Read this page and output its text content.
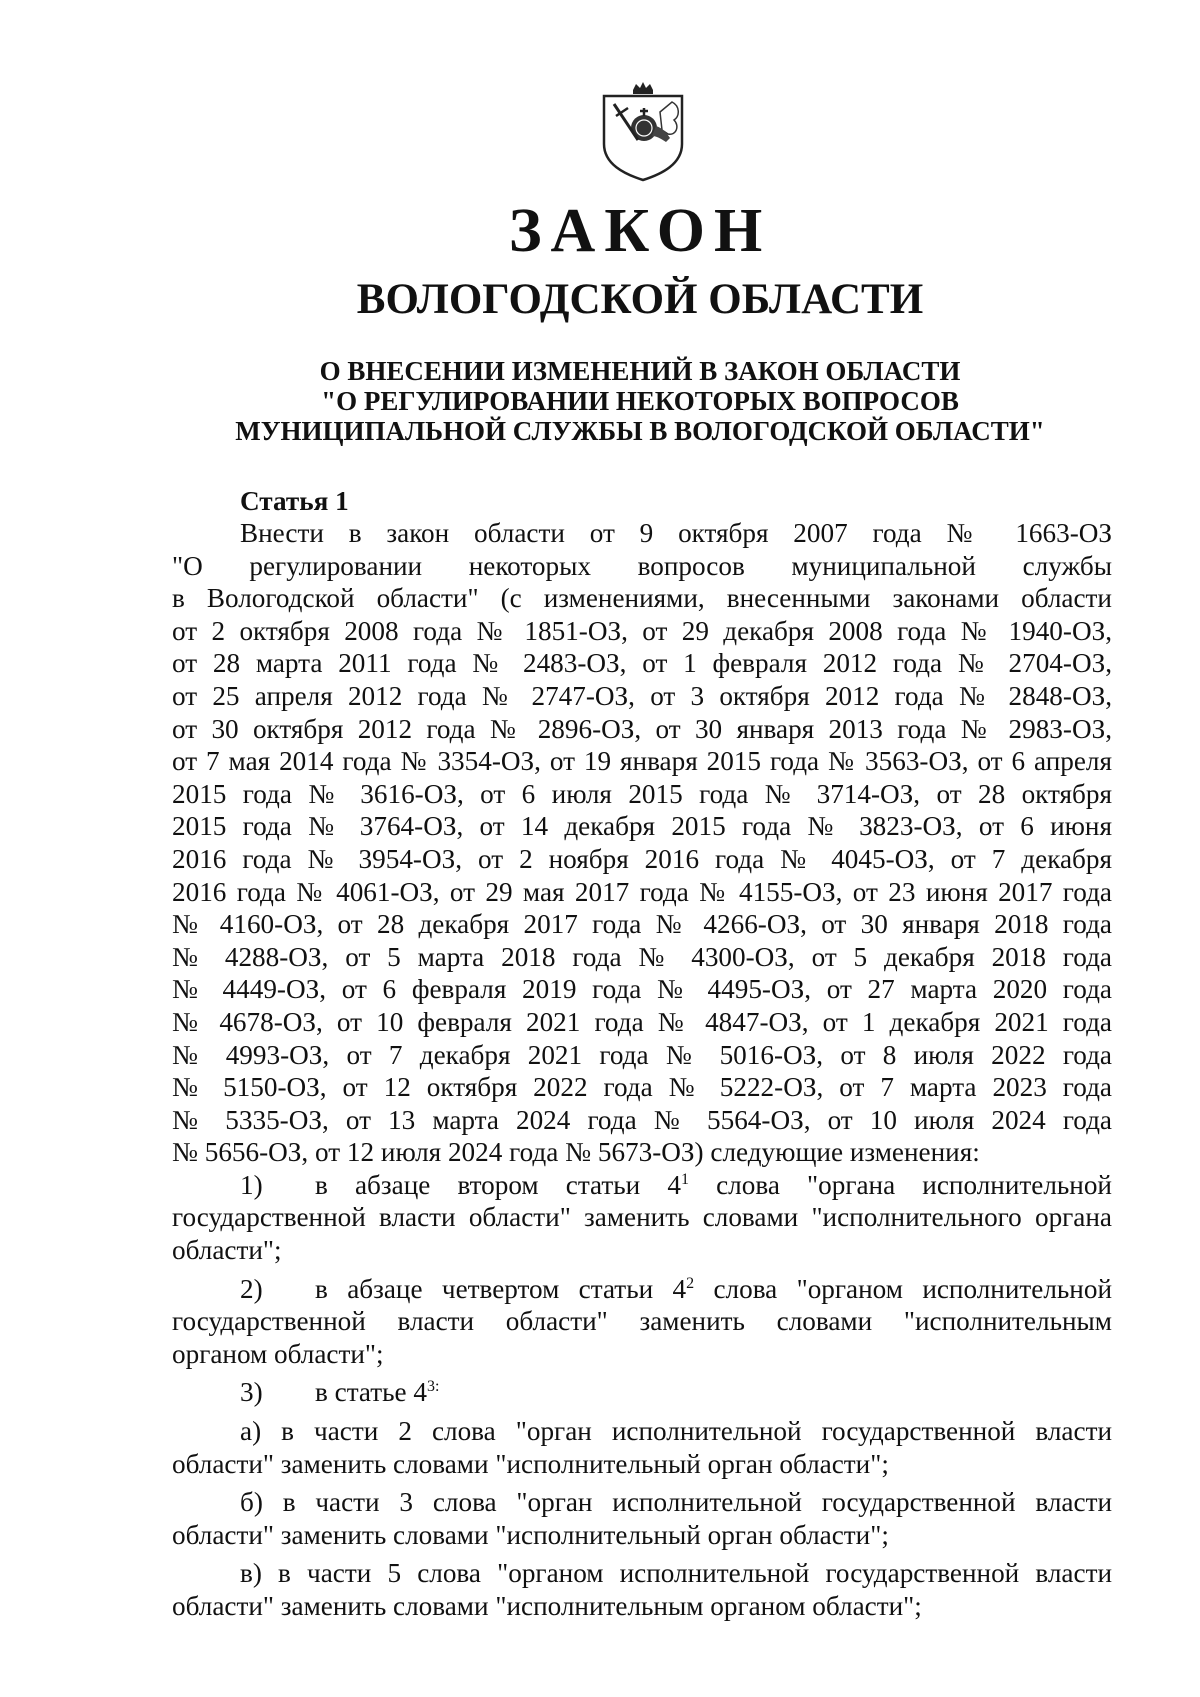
ЗАКОН
ВОЛОГОДСКОЙ ОБЛАСТИ
О ВНЕСЕНИИ ИЗМЕНЕНИЙ В ЗАКОН ОБЛАСТИ
"О РЕГУЛИРОВАНИИ НЕКОТОРЫХ ВОПРОСОВ
МУНИЦИПАЛЬНОЙ СЛУЖБЫ В ВОЛОГОДСКОЙ ОБЛАСТИ"
Статья 1
Внести в закон области от 9 октября 2007 года № 1663-ОЗ
"О регулировании некоторых вопросов муниципальной службы
в Вологодской области" (с изменениями, внесенными законами области
от 2 октября 2008 года № 1851-ОЗ, от 29 декабря 2008 года № 1940-ОЗ,
от 28 марта 2011 года № 2483-ОЗ, от 1 февраля 2012 года № 2704-ОЗ,
от 25 апреля 2012 года № 2747-ОЗ, от 3 октября 2012 года № 2848-ОЗ,
от 30 октября 2012 года № 2896-ОЗ, от 30 января 2013 года № 2983-ОЗ,
от 7 мая 2014 года № 3354-ОЗ, от 19 января 2015 года № 3563-ОЗ, от 6 апреля
2015 года № 3616-ОЗ, от 6 июля 2015 года № 3714-ОЗ, от 28 октября
2015 года № 3764-ОЗ, от 14 декабря 2015 года № 3823-ОЗ, от 6 июня
2016 года № 3954-ОЗ, от 2 ноября 2016 года № 4045-ОЗ, от 7 декабря
2016 года № 4061-ОЗ, от 29 мая 2017 года № 4155-ОЗ, от 23 июня 2017 года
№ 4160-ОЗ, от 28 декабря 2017 года № 4266-ОЗ, от 30 января 2018 года
№ 4288-ОЗ, от 5 марта 2018 года № 4300-ОЗ, от 5 декабря 2018 года
№ 4449-ОЗ, от 6 февраля 2019 года № 4495-ОЗ, от 27 марта 2020 года
№ 4678-ОЗ, от 10 февраля 2021 года № 4847-ОЗ, от 1 декабря 2021 года
№ 4993-ОЗ, от 7 декабря 2021 года № 5016-ОЗ, от 8 июля 2022 года
№ 5150-ОЗ, от 12 октября 2022 года № 5222-ОЗ, от 7 марта 2023 года
№ 5335-ОЗ, от 13 марта 2024 года № 5564-ОЗ, от 10 июля 2024 года
№ 5656-ОЗ, от 12 июля 2024 года № 5673-ОЗ) следующие изменения:
1) в абзаце втором статьи $4^1$ слова "органа исполнительной
государственной власти области" заменить словами "исполнительного органа
области";
2) в абзаце четвертом статьи $4^2$ слова "органом исполнительной
государственной власти области" заменить словами "исполнительным
органом области";
3) в статье $4^{3:}$
а) в части 2 слова "орган исполнительной государственной власти
области" заменить словами "исполнительный орган области";
б) в части 3 слова "орган исполнительной государственной власти
области" заменить словами "исполнительный орган области";
в) в части 5 слова "органом исполнительной государственной власти
области" заменить словами "исполнительным органом области";
